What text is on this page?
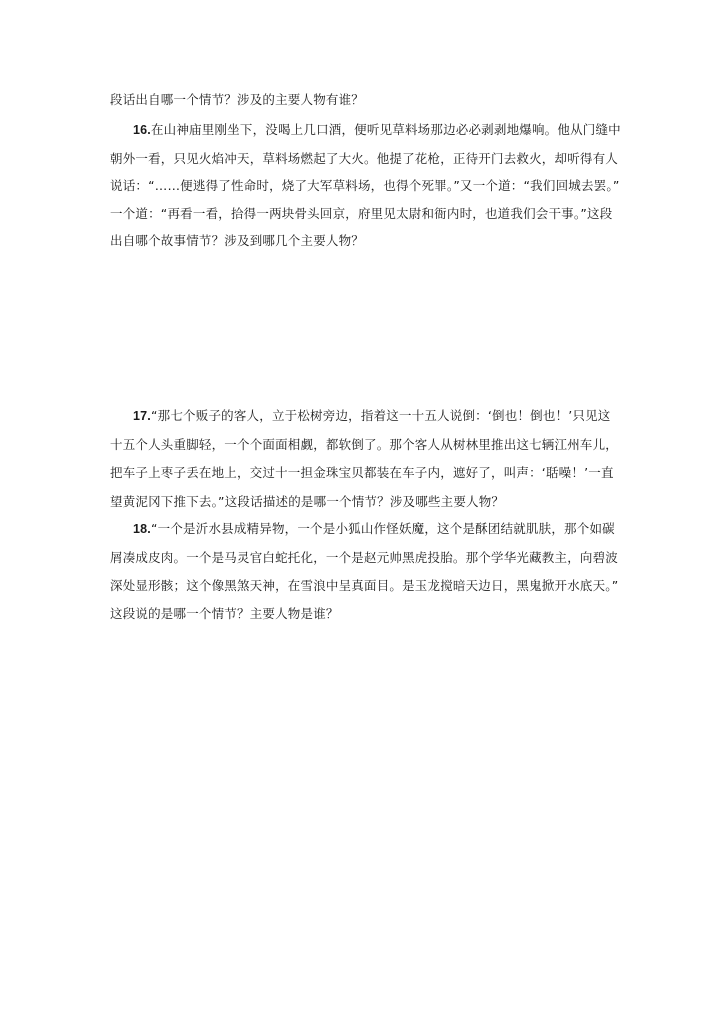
段话出自哪一个情节？涉及的主要人物有谁？
16.在山神庙里刚坐下，没喝上几口酒，便听见草料场那边必必剥剥地爆响。他从门缝中
朝外一看，只见火焰冲天，草料场燃起了大火。他提了花枪，正待开门去救火，却听得有人
说话：“……便逃得了性命时，烧了大军草料场，也得个死罪。”又一个道：“我们回城去罢。”
一个道：“再看一看，拾得一两块骨头回京，府里见太尉和衙内时，也道我们会干事。”这段
出自哪个故事情节？涉及到哪几个主要人物？
17.“那七个贩子的客人，立于松树旁边，指着这一十五人说倒：‘倒也！倒也！’只见这
十五个人头重脚轻，一个个面面相觑，都软倒了。那个客人从树林里推出这七辆江州车儿，
把车子上枣子丢在地上，交过十一担金珠宝贝都装在车子内，遮好了，叫声：‘聒噪！’一直
望黄泥冈下推下去。”这段话描述的是哪一个情节？涉及哪些主要人物？
18.“一个是沂水县成精异物，一个是小狐山作怪妖魔，这个是酥团结就肌肤，那个如碳
屑凑成皮肉。一个是马灵官白蛇托化，一个是赵元帅黑虎投胎。那个学华光藏教主，向碧波
深处显形骸；这个像黑煞天神，在雪浪中呈真面目。是玉龙搅暗天边日，黑鬼掀开水底天。”
这段说的是哪一个情节？主要人物是谁？
